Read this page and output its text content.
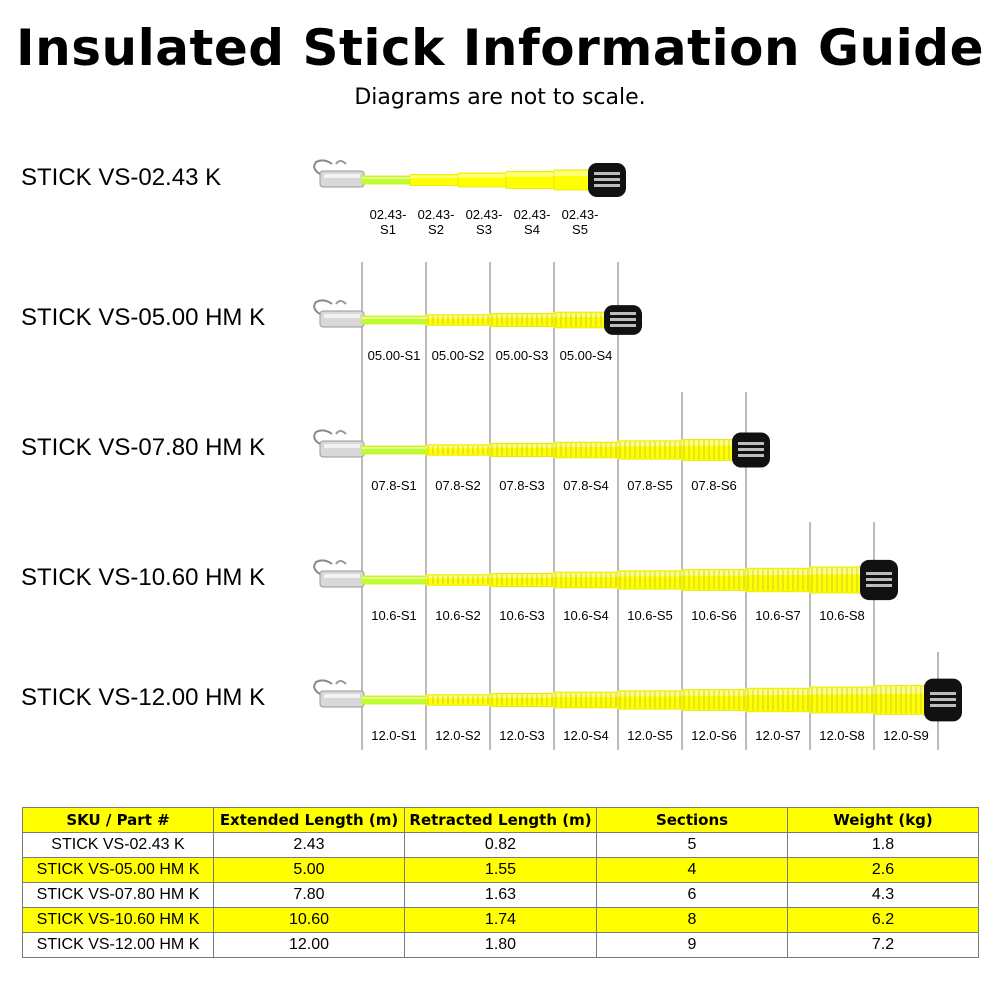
Insulated Stick Information Guide
Diagrams are not to scale.
STICK VS-02.43 K
STICK VS-05.00 HM K
STICK VS-07.80 HM K
STICK VS-10.60 HM K
STICK VS-12.00 HM K
02.43-
S1
02.43-
S2
02.43-
S3
02.43-
S4
02.43-
S5
05.00-S1 05.00-S2 05.00-S3 05.00-S4
07.8-S1 07.8-S2 07.8-S3 07.8-S4 07.8-S5 07.8-S6
10.6-S1 10.6-S2 10.6-S3 10.6-S4 10.6-S5 10.6-S6 10.6-S7 10.6-S8
12.0-S1 12.0-S2 12.0-S3 12.0-S4 12.0-S5 12.0-S6 12.0-S7 12.0-S8 12.0-S9
SKU / Part #	Extended Length (m)	Retracted Length (m)	Sections	Weight (kg)
STICK VS-02.43 K	2.43	0.82	5	1.8
STICK VS-05.00 HM K	5.00	1.55	4	2.6
STICK VS-07.80 HM K	7.80	1.63	6	4.3
STICK VS-10.60 HM K	10.60	1.74	8	6.2
STICK VS-12.00 HM K	12.00	1.80	9	7.2
